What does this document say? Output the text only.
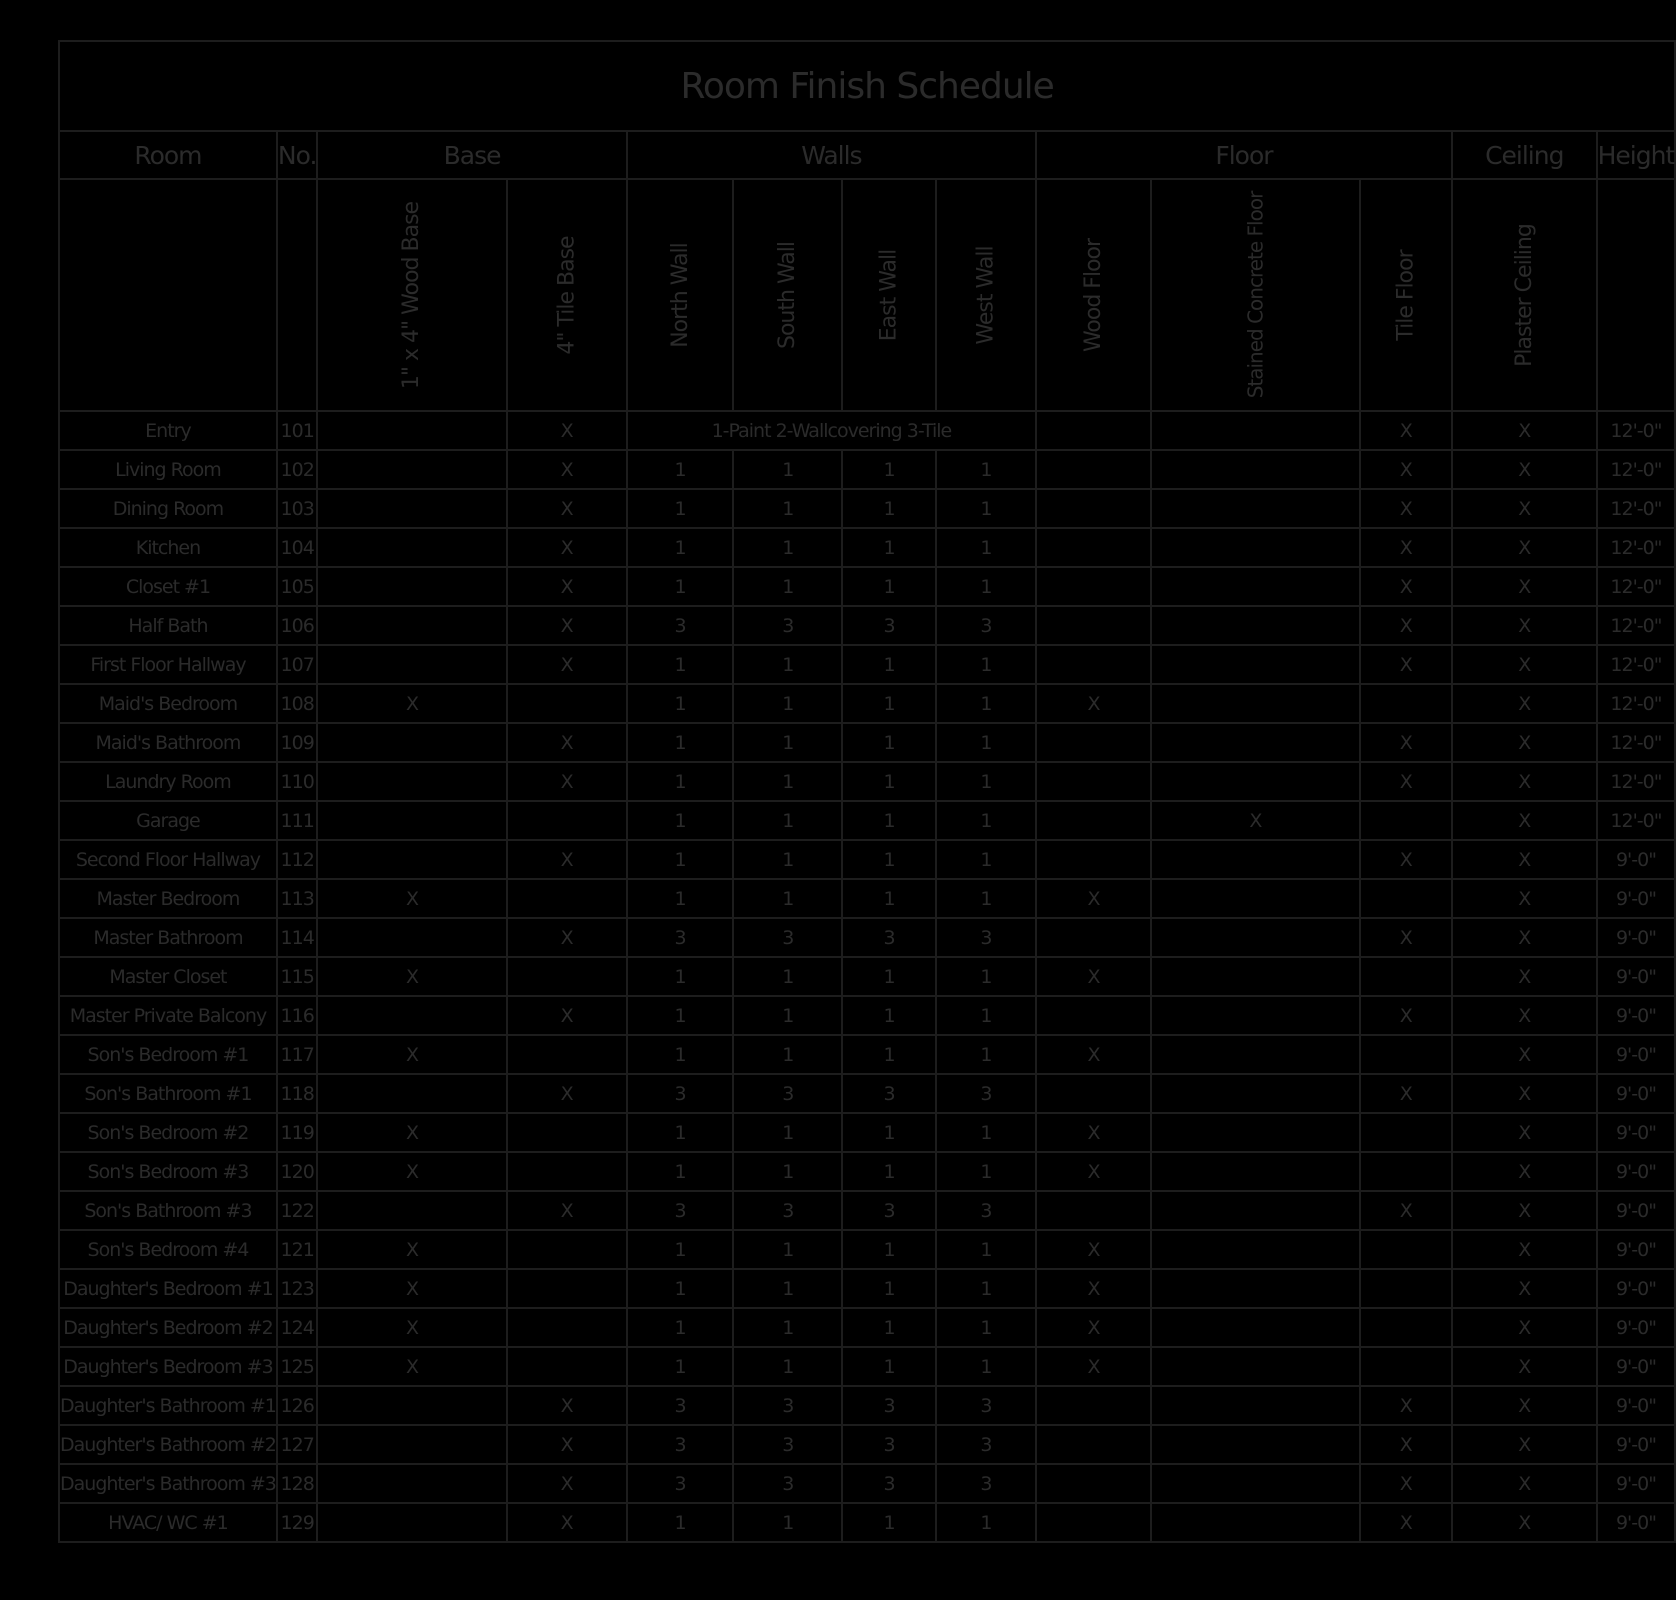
Room Finish Schedule												
Room	No.	Base		Walls				Floor			Ceiling	Height
		1" x 4" Wood Base	4" Tile Base	North Wall	South Wall	East Wall	West Wall	Wood Floor	Stained Concrete Floor	Tile Floor	Plaster Ceiling	
Entry	101		X	1-Paint 2-Wallcovering 3-Tile						X	X	12'-0"
Living Room	102		X	1	1	1	1			X	X	12'-0"
Dining Room	103		X	1	1	1	1			X	X	12'-0"
Kitchen	104		X	1	1	1	1			X	X	12'-0"
Closet #1	105		X	1	1	1	1			X	X	12'-0"
Half Bath	106		X	3	3	3	3			X	X	12'-0"
First Floor Hallway	107		X	1	1	1	1			X	X	12'-0"
Maid's Bedroom	108	X		1	1	1	1	X			X	12'-0"
Maid's Bathroom	109		X	1	1	1	1			X	X	12'-0"
Laundry Room	110		X	1	1	1	1			X	X	12'-0"
Garage	111			1	1	1	1		X		X	12'-0"
Second Floor Hallway	112		X	1	1	1	1			X	X	9'-0"
Master Bedroom	113	X		1	1	1	1	X			X	9'-0"
Master Bathroom	114		X	3	3	3	3			X	X	9'-0"
Master Closet	115	X		1	1	1	1	X			X	9'-0"
Master Private Balcony	116		X	1	1	1	1			X	X	9'-0"
Son's Bedroom #1	117	X		1	1	1	1	X			X	9'-0"
Son's Bathroom #1	118		X	3	3	3	3			X	X	9'-0"
Son's Bedroom #2	119	X		1	1	1	1	X			X	9'-0"
Son's Bedroom #3	120	X		1	1	1	1	X			X	9'-0"
Son's Bathroom #3	122		X	3	3	3	3			X	X	9'-0"
Son's Bedroom #4	121	X		1	1	1	1	X			X	9'-0"
Daughter's Bedroom #1	123	X		1	1	1	1	X			X	9'-0"
Daughter's Bedroom #2	124	X		1	1	1	1	X			X	9'-0"
Daughter's Bedroom #3	125	X		1	1	1	1	X			X	9'-0"
Daughter's Bathroom #1	126		X	3	3	3	3			X	X	9'-0"
Daughter's Bathroom #2	127		X	3	3	3	3			X	X	9'-0"
Daughter's Bathroom #3	128		X	3	3	3	3			X	X	9'-0"
HVAC/ WC #1	129		X	1	1	1	1			X	X	9'-0"
